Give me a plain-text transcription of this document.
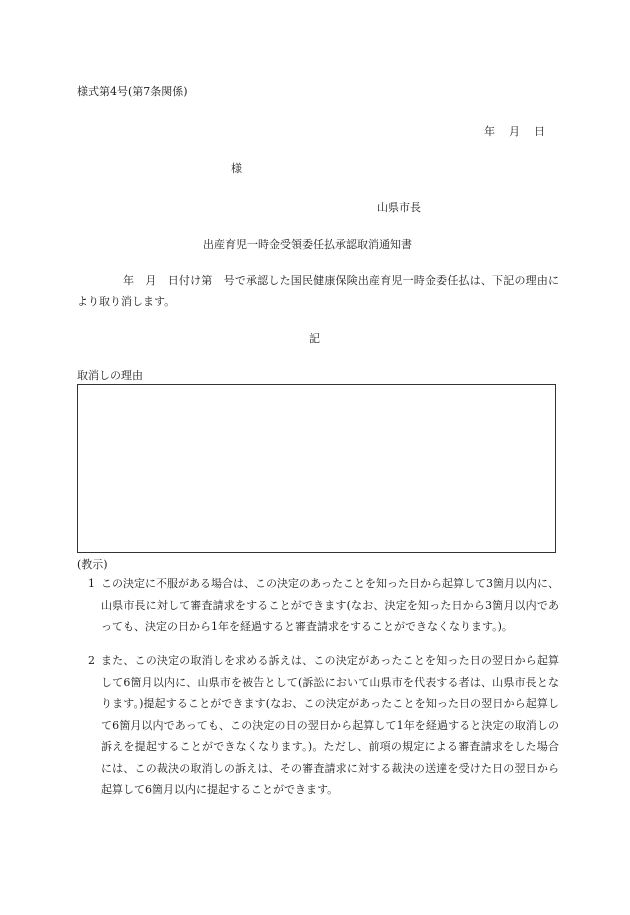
様式第4号(第7条関係)
年 月 日
様
山県市長
出産育児一時金受領委任払承認取消通知書
年　月　日付け第　号で承認した国民健康保険出産育児一時金委任払は、下記の理由により取り消します。
記
取消しの理由
(教示)
1 この決定に不服がある場合は、この決定のあったことを知った日から起算して3箇月以内に、山県市長に対して審査請求をすることができます(なお、決定を知った日から3箇月以内であっても、決定の日から1年を経過すると審査請求をすることができなくなります。)。
2 また、この決定の取消しを求める訴えは、この決定があったことを知った日の翌日から起算して6箇月以内に、山県市を被告として(訴訟において山県市を代表する者は、山県市長となります。)提起することができます(なお、この決定があったことを知った日の翌日から起算して6箇月以内であっても、この決定の日の翌日から起算して1年を経過すると決定の取消しの訴えを提起することができなくなります。)。ただし、前項の規定による審査請求をした場合には、この裁決の取消しの訴えは、その審査請求に対する裁決の送達を受けた日の翌日から起算して6箇月以内に提起することができます。
